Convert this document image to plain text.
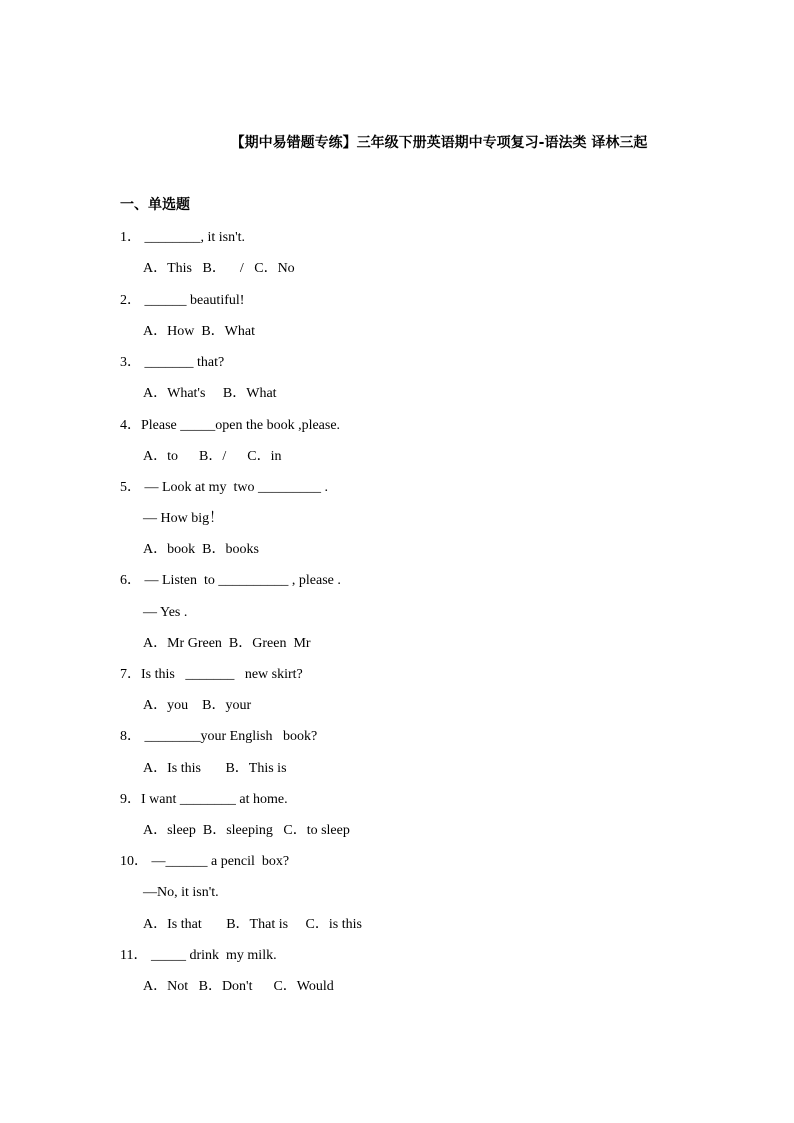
【期中易错题专练】三年级下册英语期中专项复习-语法类 译林三起
一、单选题
1． ________, it isn't.
A．This   B．    /   C．No
2． ______ beautiful!
A．How  B．What
3． _______ that?
A．What's     B．What
4．Please _____open the book ,please.
A．to      B．/      C．in
5． — Look at my  two _________ .
— How big！
A．book  B．books
6． — Listen  to __________ , please .
— Yes .
A．Mr Green  B．Green  Mr
7．Is this   _______   new skirt?
A．you    B．your
8． ________your English   book?
A．Is this       B．This is
9．I want ________ at home.
A．sleep  B．sleeping   C．to sleep
10． —______ a pencil  box?
—No, it isn't.
A．Is that       B．That is     C．is this
11． _____ drink  my milk.
A．Not   B．Don't      C．Would
